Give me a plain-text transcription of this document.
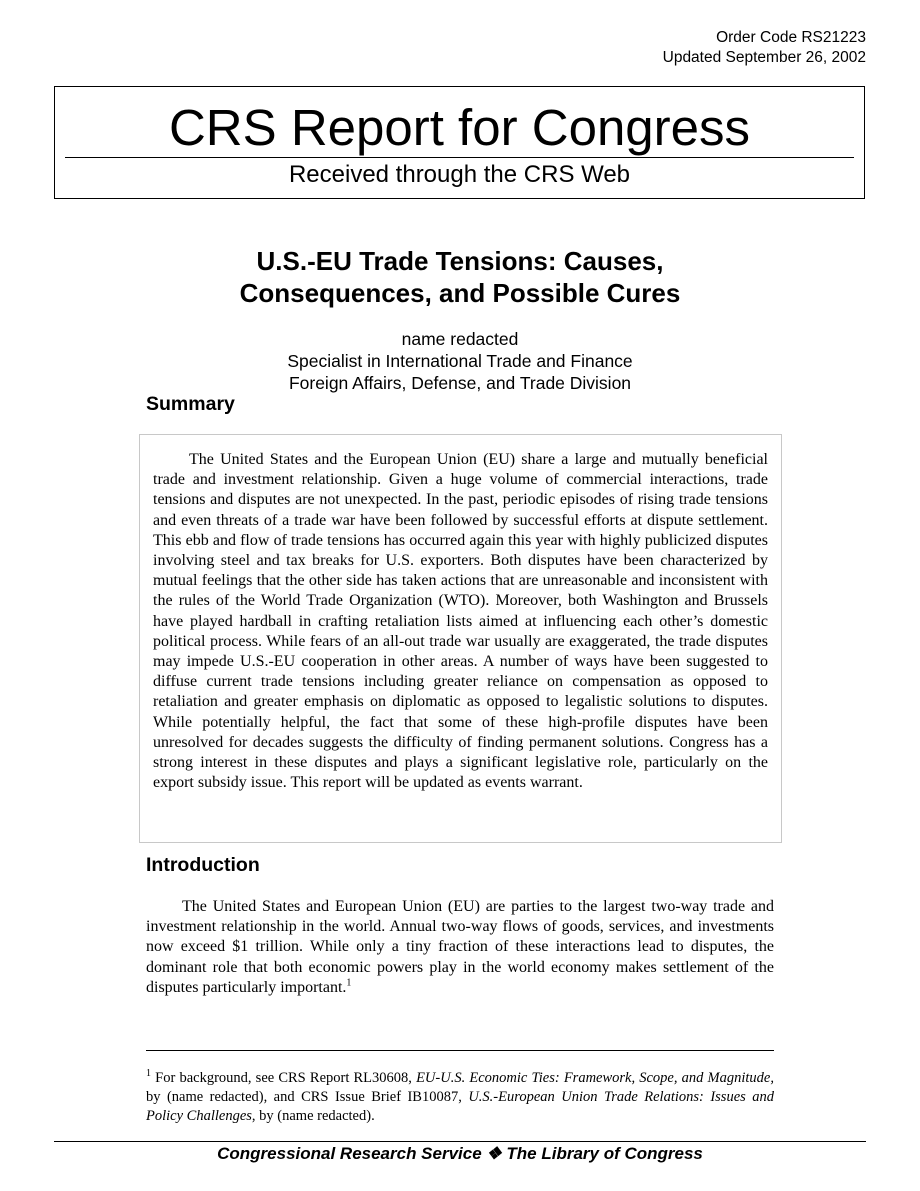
Order Code RS21223
Updated September 26, 2002
CRS Report for Congress
Received through the CRS Web
U.S.-EU Trade Tensions: Causes,
Consequences, and Possible Cures
name redacted
Specialist in International Trade and Finance
Foreign Affairs, Defense, and Trade Division
Summary

The United States and the European Union (EU) share a large and mutually beneficial trade and investment relationship. Given a huge volume of commercial interactions, trade tensions and disputes are not unexpected. In the past, periodic episodes of rising trade tensions and even threats of a trade war have been followed by successful efforts at dispute settlement. This ebb and flow of trade tensions has occurred again this year with highly publicized disputes involving steel and tax breaks for U.S. exporters. Both disputes have been characterized by mutual feelings that the other side has taken actions that are unreasonable and inconsistent with the rules of the World Trade Organization (WTO). Moreover, both Washington and Brussels have played hardball in crafting retaliation lists aimed at influencing each other’s domestic political process. While fears of an all-out trade war usually are exaggerated, the trade disputes may impede U.S.-EU cooperation in other areas. A number of ways have been suggested to diffuse current trade tensions including greater reliance on compensation as opposed to retaliation and greater emphasis on diplomatic as opposed to legalistic solutions to disputes. While potentially helpful, the fact that some of these high-profile disputes have been unresolved for decades suggests the difficulty of finding permanent solutions. Congress has a strong interest in these disputes and plays a significant legislative role, particularly on the export subsidy issue. This report will be updated as events warrant.

Introduction

The United States and European Union (EU) are parties to the largest two-way trade and investment relationship in the world. Annual two-way flows of goods, services, and investments now exceed $1 trillion. While only a tiny fraction of these interactions lead to disputes, the dominant role that both economic powers play in the world economy makes settlement of the disputes particularly important.$^1$

$^1$ For background, see CRS Report RL30608, EU-U.S. Economic Ties: Framework, Scope, and Magnitude, by (name redacted), and CRS Issue Brief IB10087, U.S.-European Union Trade Relations: Issues and Policy Challenges, by (name redacted).

Congressional Research Service ❖ The Library of Congress
